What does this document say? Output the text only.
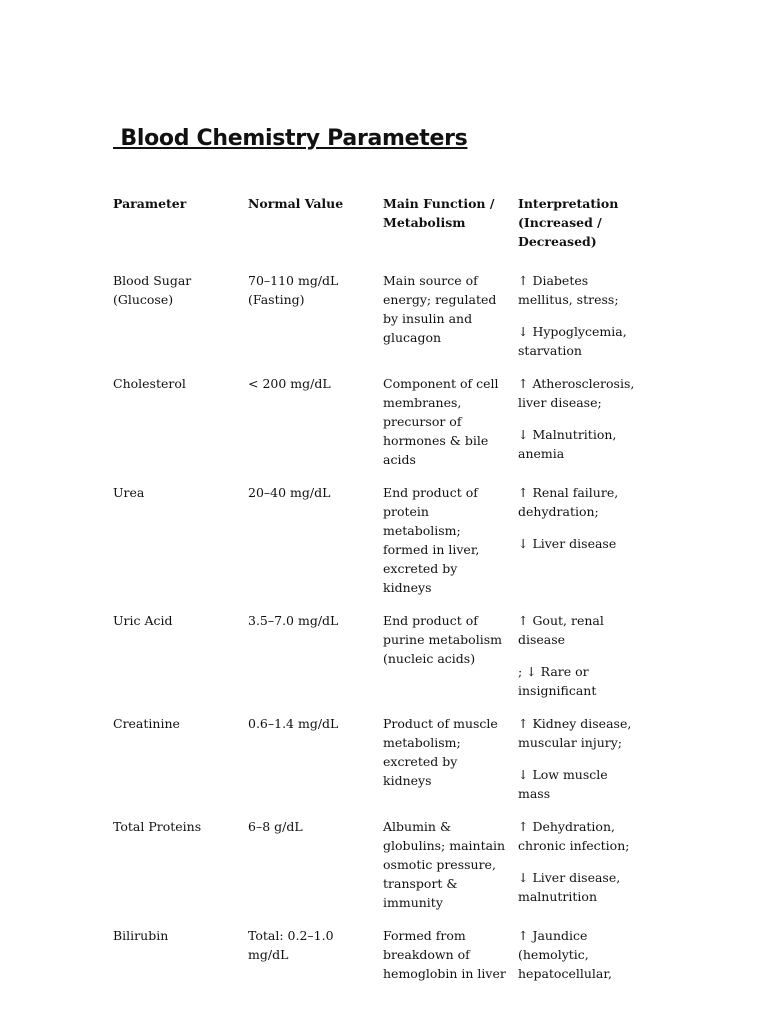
Blood Chemistry Parameters
Parameter	Normal Value	Main Function / Metabolism	Interpretation (Increased / Decreased)
Blood Sugar (Glucose)	70–110 mg/dL (Fasting)	Main source of energy; regulated by insulin and glucagon	↑ Diabetes mellitus, stress;

↓ Hypoglycemia, starvation

Cholesterol	< 200 mg/dL	Component of cell membranes, precursor of hormones & bile acids	↑ Atherosclerosis, liver disease;

↓ Malnutrition, anemia

Urea	20–40 mg/dL	End product of protein metabolism; formed in liver, excreted by kidneys	↑ Renal failure, dehydration;

↓ Liver disease

Uric Acid	3.5–7.0 mg/dL	End product of purine metabolism (nucleic acids)	↑ Gout, renal disease

; ↓ Rare or insignificant

Creatinine	0.6–1.4 mg/dL	Product of muscle metabolism; excreted by kidneys	↑ Kidney disease, muscular injury;

↓ Low muscle mass

Total Proteins	6–8 g/dL	Albumin & globulins; maintain osmotic pressure, transport & immunity	↑ Dehydration, chronic infection;

↓ Liver disease, malnutrition

Bilirubin	Total: 0.2–1.0 mg/dL	Formed from breakdown of hemoglobin in liver	↑ Jaundice (hemolytic, hepatocellular,
